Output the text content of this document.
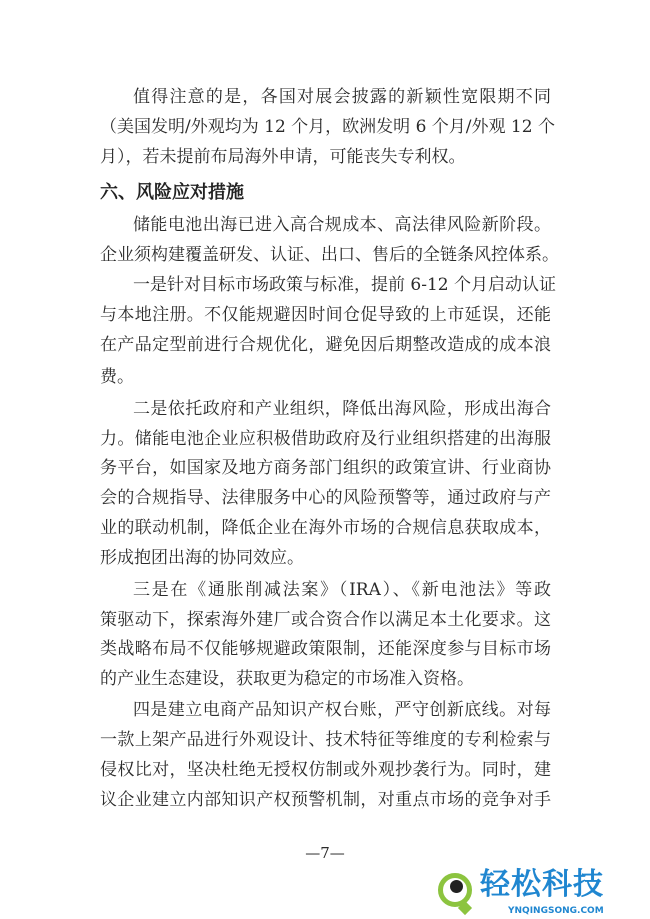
值得注意的是，各国对展会披露的新颖性宽限期不同
（美国发明/外观均为 12 个月，欧洲发明 6 个月/外观 12 个
月），若未提前布局海外申请，可能丧失专利权。
六、风险应对措施
储能电池出海已进入高合规成本、高法律风险新阶段。
企业须构建覆盖研发、认证、出口、售后的全链条风控体系。
一是针对目标市场政策与标准，提前 6-12 个月启动认证
与本地注册。不仅能规避因时间仓促导致的上市延误，还能
在产品定型前进行合规优化，避免因后期整改造成的成本浪
费。
二是依托政府和产业组织，降低出海风险，形成出海合
力。储能电池企业应积极借助政府及行业组织搭建的出海服
务平台，如国家及地方商务部门组织的政策宣讲、行业商协
会的合规指导、法律服务中心的风险预警等，通过政府与产
业的联动机制，降低企业在海外市场的合规信息获取成本，
形成抱团出海的协同效应。
三是在《通胀削减法案》（IRA）、《新电池法》等政
策驱动下，探索海外建厂或合资合作以满足本土化要求。这
类战略布局不仅能够规避政策限制，还能深度参与目标市场
的产业生态建设，获取更为稳定的市场准入资格。
四是建立电商产品知识产权台账，严守创新底线。对每
一款上架产品进行外观设计、技术特征等维度的专利检索与
侵权比对，坚决杜绝无授权仿制或外观抄袭行为。同时，建
议企业建立内部知识产权预警机制，对重点市场的竞争对手
—7—
轻松科技
YNQINGSONG.COM
